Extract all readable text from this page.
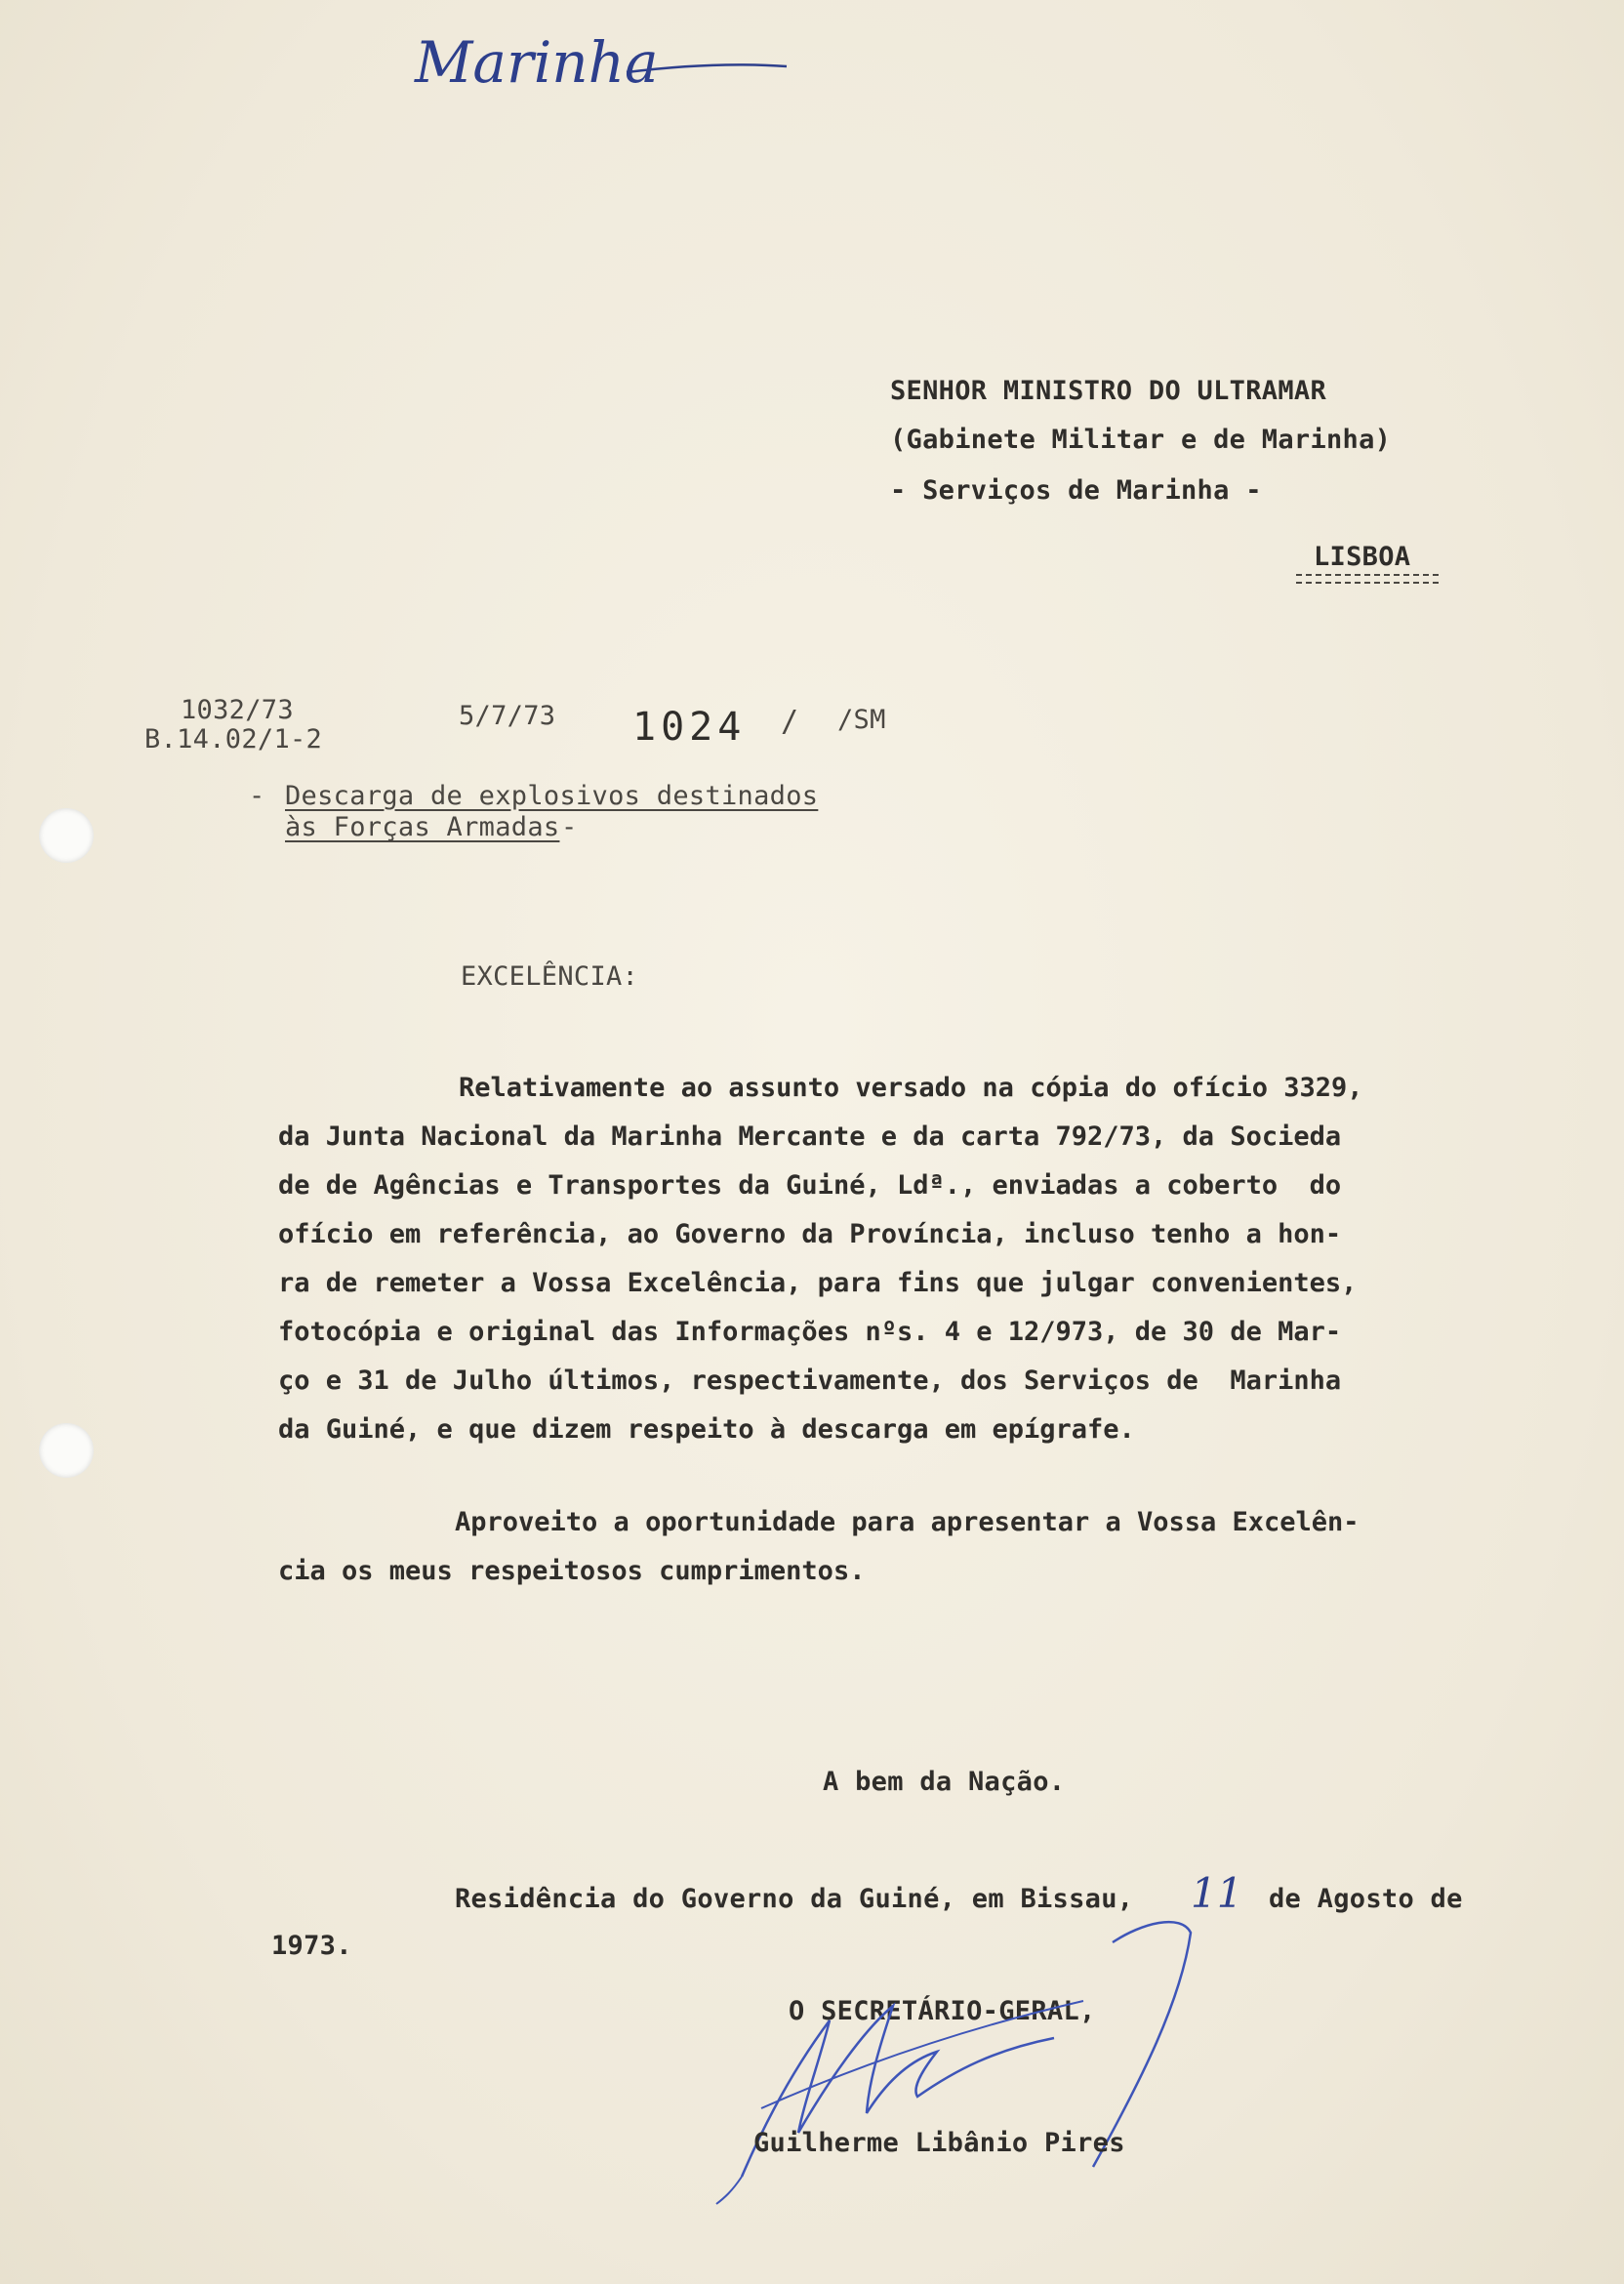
Marinha
SENHOR MINISTRO DO ULTRAMAR
(Gabinete Militar e de Marinha)
- Serviços de Marinha -
LISBOA
1032/73
B.14.02/1-2
5/7/73 1024 / /SM
- Descarga de explosivos destinados
às Forças Armadas -
EXCELÊNCIA:
Relativamente ao assunto versado na cópia do ofício 3329,
da Junta Nacional da Marinha Mercante e da carta 792/73, da Socieda
de de Agências e Transportes da Guiné, Ldª., enviadas a coberto  do
ofício em referência, ao Governo da Província, incluso tenho a hon-
ra de remeter a Vossa Excelência, para fins que julgar convenientes,
fotocópia e original das Informações nºs. 4 e 12/973, de 30 de Mar-
ço e 31 de Julho últimos, respectivamente, dos Serviços de  Marinha
da Guiné, e que dizem respeito à descarga em epígrafe.
Aproveito a oportunidade para apresentar a Vossa Excelên-
cia os meus respeitosos cumprimentos.
A bem da Nação.
Residência do Governo da Guiné, em Bissau, 11 de Agosto de
1973.
O SECRETÁRIO-GERAL,
Guilherme Libânio Pires
